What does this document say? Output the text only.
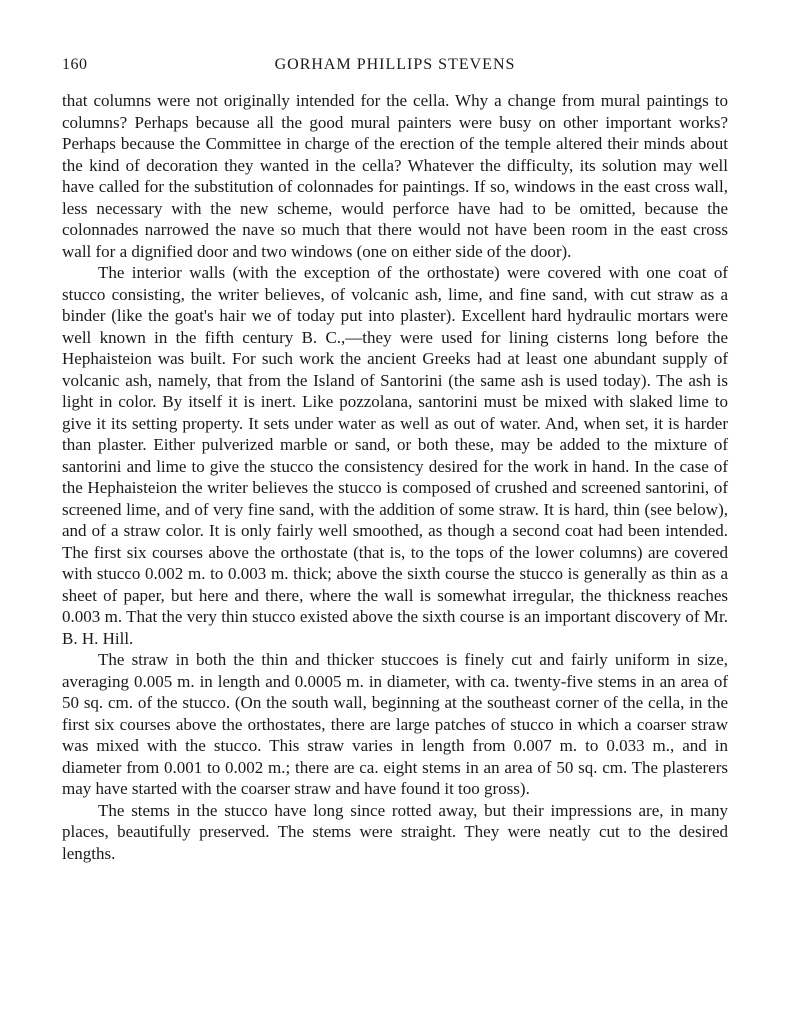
160	GORHAM PHILLIPS STEVENS

that columns were not originally intended for the cella. Why a change from mural paintings to columns? Perhaps because all the good mural painters were busy on other important works? Perhaps because the Committee in charge of the erection of the temple altered their minds about the kind of decoration they wanted in the cella? Whatever the difficulty, its solution may well have called for the substitution of colonnades for paintings. If so, windows in the east cross wall, less necessary with the new scheme, would perforce have had to be omitted, because the colonnades narrowed the nave so much that there would not have been room in the east cross wall for a dignified door and two windows (one on either side of the door).

The interior walls (with the exception of the orthostate) were covered with one coat of stucco consisting, the writer believes, of volcanic ash, lime, and fine sand, with cut straw as a binder (like the goat's hair we of today put into plaster). Excellent hard hydraulic mortars were well known in the fifth century B. C.,—they were used for lining cisterns long before the Hephaisteion was built. For such work the ancient Greeks had at least one abundant supply of volcanic ash, namely, that from the Island of Santorini (the same ash is used today). The ash is light in color. By itself it is inert. Like pozzolana, santorini must be mixed with slaked lime to give it its setting property. It sets under water as well as out of water. And, when set, it is harder than plaster. Either pulverized marble or sand, or both these, may be added to the mixture of santorini and lime to give the stucco the consistency desired for the work in hand. In the case of the Hephaisteion the writer believes the stucco is composed of crushed and screened santorini, of screened lime, and of very fine sand, with the addition of some straw. It is hard, thin (see below), and of a straw color. It is only fairly well smoothed, as though a second coat had been intended. The first six courses above the orthostate (that is, to the tops of the lower columns) are covered with stucco 0.002 m. to 0.003 m. thick; above the sixth course the stucco is generally as thin as a sheet of paper, but here and there, where the wall is somewhat irregular, the thickness reaches 0.003 m. That the very thin stucco existed above the sixth course is an important discovery of Mr. B. H. Hill.

The straw in both the thin and thicker stuccoes is finely cut and fairly uniform in size, averaging 0.005 m. in length and 0.0005 m. in diameter, with ca. twenty-five stems in an area of 50 sq. cm. of the stucco. (On the south wall, beginning at the southeast corner of the cella, in the first six courses above the orthostates, there are large patches of stucco in which a coarser straw was mixed with the stucco. This straw varies in length from 0.007 m. to 0.033 m., and in diameter from 0.001 to 0.002 m.; there are ca. eight stems in an area of 50 sq. cm. The plasterers may have started with the coarser straw and have found it too gross).

The stems in the stucco have long since rotted away, but their impressions are, in many places, beautifully preserved. The stems were straight. They were neatly cut to the desired lengths.
